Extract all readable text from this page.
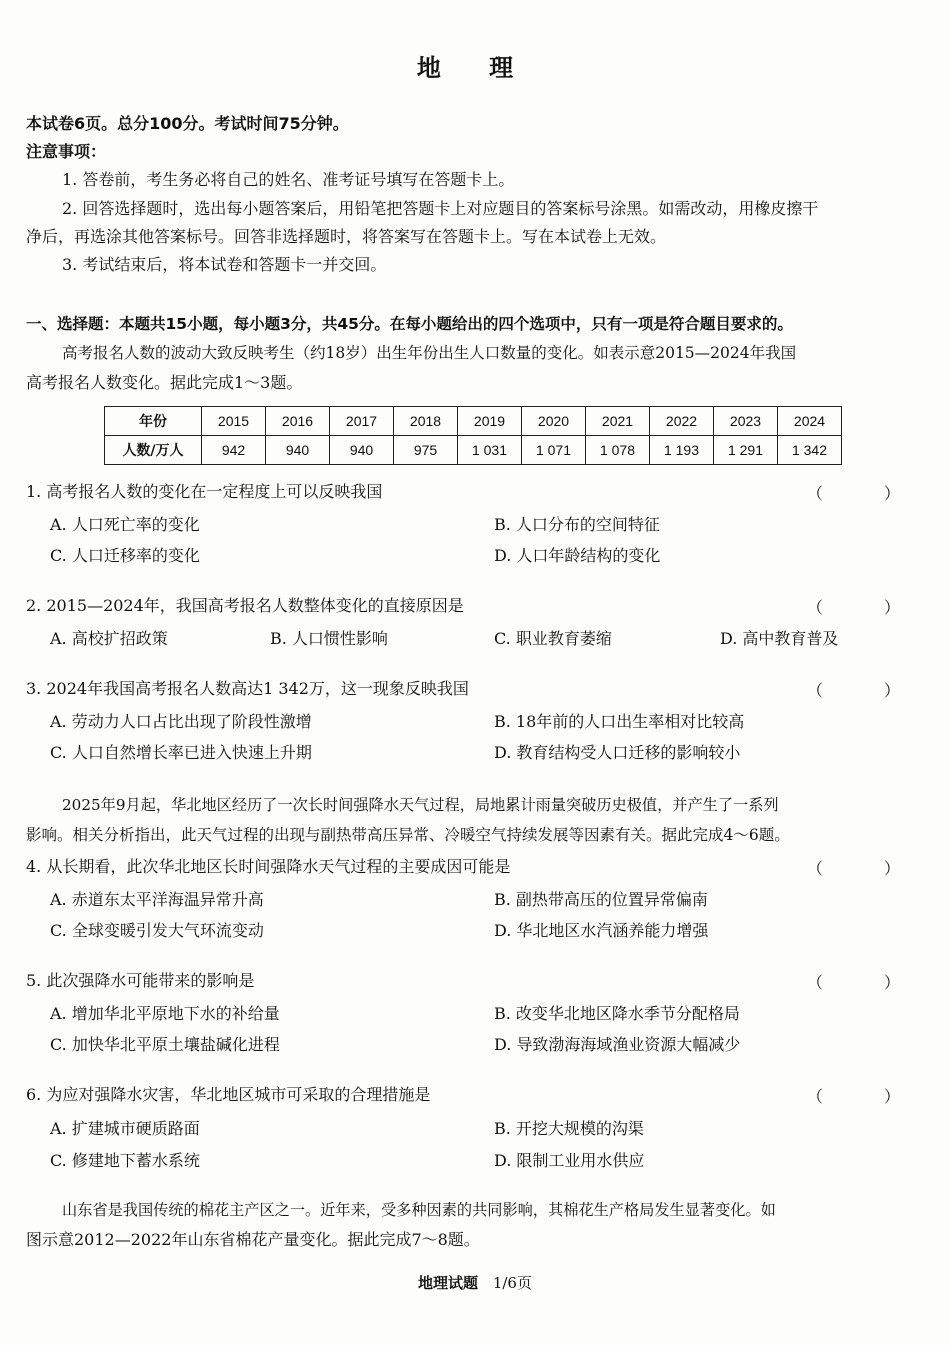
地 理
本试卷6页。总分100分。考试时间75分钟。
注意事项：
1. 答卷前，考生务必将自己的姓名、准考证号填写在答题卡上。
2. 回答选择题时，选出每小题答案后，用铅笔把答题卡上对应题目的答案标号涂黑。如需改动，用橡皮擦干
净后，再选涂其他答案标号。回答非选择题时，将答案写在答题卡上。写在本试卷上无效。
3. 考试结束后，将本试卷和答题卡一并交回。
一、选择题：本题共15小题，每小题3分，共45分。在每小题给出的四个选项中，只有一项是符合题目要求的。
高考报名人数的波动大致反映考生（约18岁）出生年份出生人口数量的变化。如表示意2015—2024年我国
高考报名人数变化。据此完成1～3题。
年份	2015	2016	2017	2018	2019	2020	2021	2022	2023	2024
人数/万人	942	940	940	975	1 031	1 071	1 078	1 193	1 291	1 342
1. 高考报名人数的变化在一定程度上可以反映我国	（ ）
A. 人口死亡率的变化	B. 人口分布的空间特征
C. 人口迁移率的变化	D. 人口年龄结构的变化
2. 2015—2024年，我国高考报名人数整体变化的直接原因是	（ ）
A. 高校扩招政策	B. 人口惯性影响	C. 职业教育萎缩	D. 高中教育普及
3. 2024年我国高考报名人数高达1 342万，这一现象反映我国	（ ）
A. 劳动力人口占比出现了阶段性激增	B. 18年前的人口出生率相对比较高
C. 人口自然增长率已进入快速上升期	D. 教育结构受人口迁移的影响较小
2025年9月起，华北地区经历了一次长时间强降水天气过程，局地累计雨量突破历史极值，并产生了一系列
影响。相关分析指出，此天气过程的出现与副热带高压异常、冷暖空气持续发展等因素有关。据此完成4～6题。
4. 从长期看，此次华北地区长时间强降水天气过程的主要成因可能是	（ ）
A. 赤道东太平洋海温异常升高	B. 副热带高压的位置异常偏南
C. 全球变暖引发大气环流变动	D. 华北地区水汽涵养能力增强
5. 此次强降水可能带来的影响是	（ ）
A. 增加华北平原地下水的补给量	B. 改变华北地区降水季节分配格局
C. 加快华北平原土壤盐碱化进程	D. 导致渤海海域渔业资源大幅减少
6. 为应对强降水灾害，华北地区城市可采取的合理措施是	（ ）
A. 扩建城市硬质路面	B. 开挖大规模的沟渠
C. 修建地下蓄水系统	D. 限制工业用水供应
山东省是我国传统的棉花主产区之一。近年来，受多种因素的共同影响，其棉花生产格局发生显著变化。如
图示意2012—2022年山东省棉花产量变化。据此完成7～8题。
地理试题 1/6页
